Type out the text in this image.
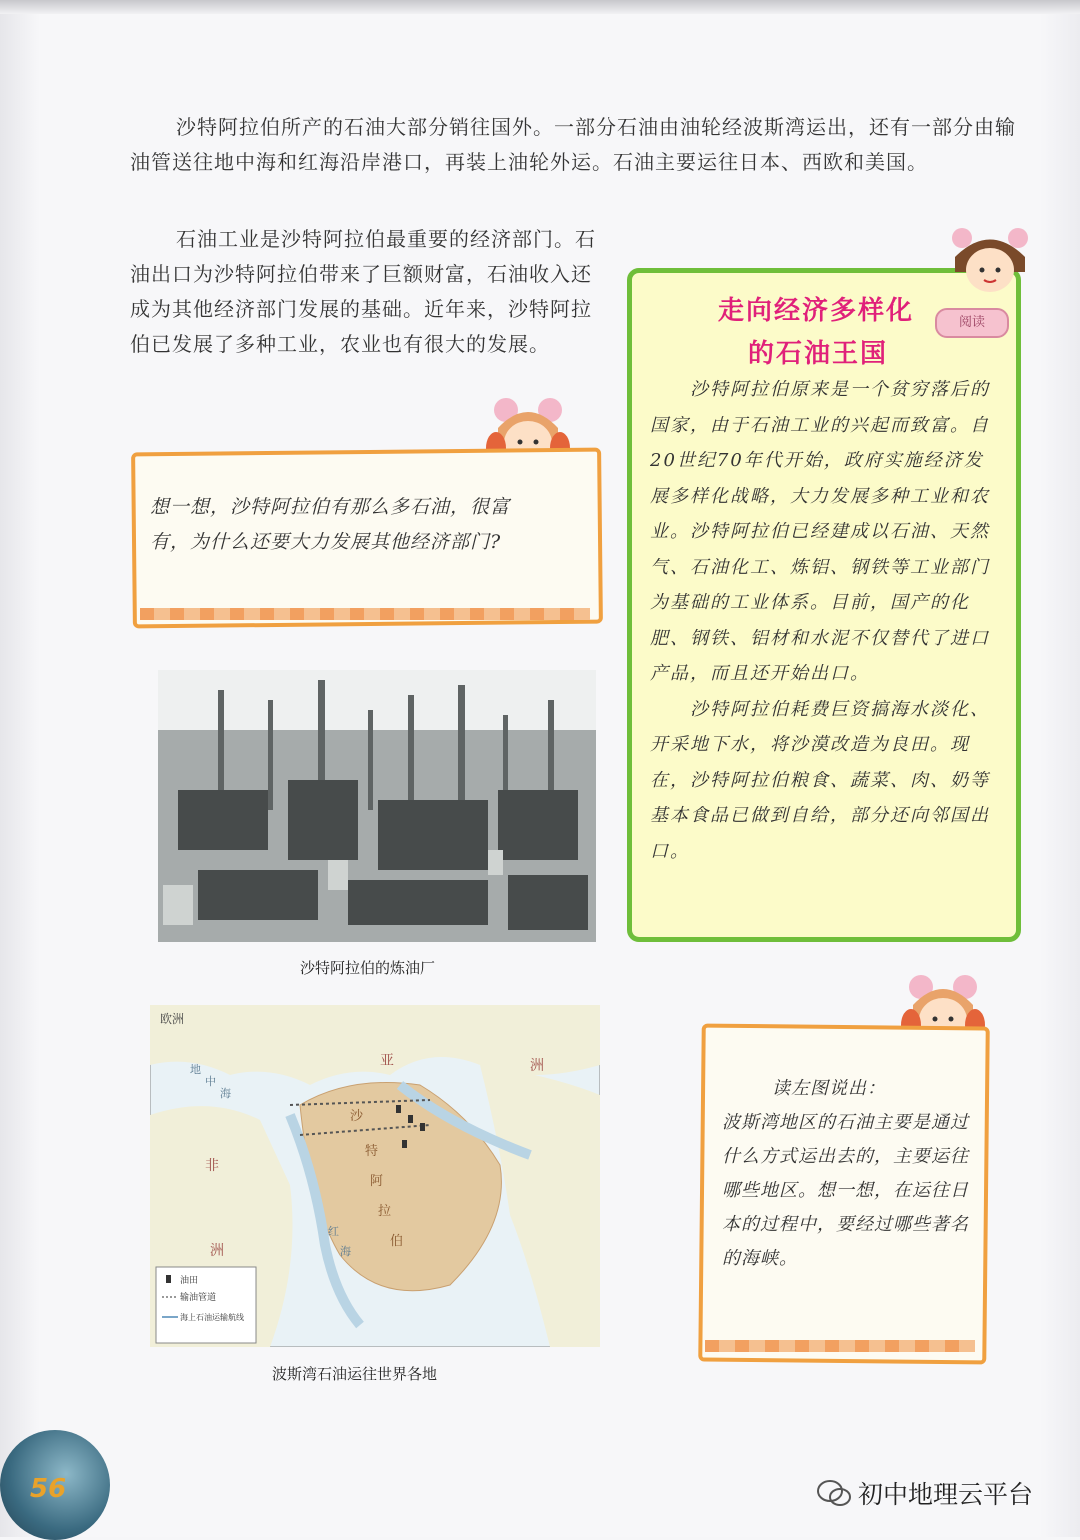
沙特阿拉伯所产的石油大部分销往国外。一部分石油由油轮经波斯湾运出，还有一部分由输油管送往地中海和红海沿岸港口，再装上油轮外运。石油主要运往日本、西欧和美国。

石油工业是沙特阿拉伯最重要的经济部门。石油出口为沙特阿拉伯带来了巨额财富，石油收入还成为其他经济部门发展的基础。近年来，沙特阿拉伯已发展了多种工业，农业也有很大的发展。

想一想，沙特阿拉伯有那么多石油，很富有，为什么还要大力发展其他经济部门?

沙特阿拉伯的炼油厂
欧洲
亚	洲
非
洲
沙
特
阿
拉
伯
地
中
海
红
海
油田
输油管道
海上石油运输航线
波斯湾石油运往世界各地
阅读

走向经济多样化

的石油王国

沙特阿拉伯原来是一个贫穷落后的国家，由于石油工业的兴起而致富。自20世纪70年代开始，政府实施经济发展多样化战略，大力发展多种工业和农业。沙特阿拉伯已经建成以石油、天然气、石油化工、炼铝、钢铁等工业部门为基础的工业体系。目前，国产的化肥、钢铁、铝材和水泥不仅替代了进口产品，而且还开始出口。

沙特阿拉伯耗费巨资搞海水淡化、开采地下水，将沙漠改造为良田。现在，沙特阿拉伯粮食、蔬菜、肉、奶等基本食品已做到自给，部分还向邻国出口。

读左图说出：
波斯湾地区的石油主要是通过什么方式运出去的，主要运往哪些地区。想一想，在运往日本的过程中，要经过哪些著名的海峡。

56	初中地理云平台
